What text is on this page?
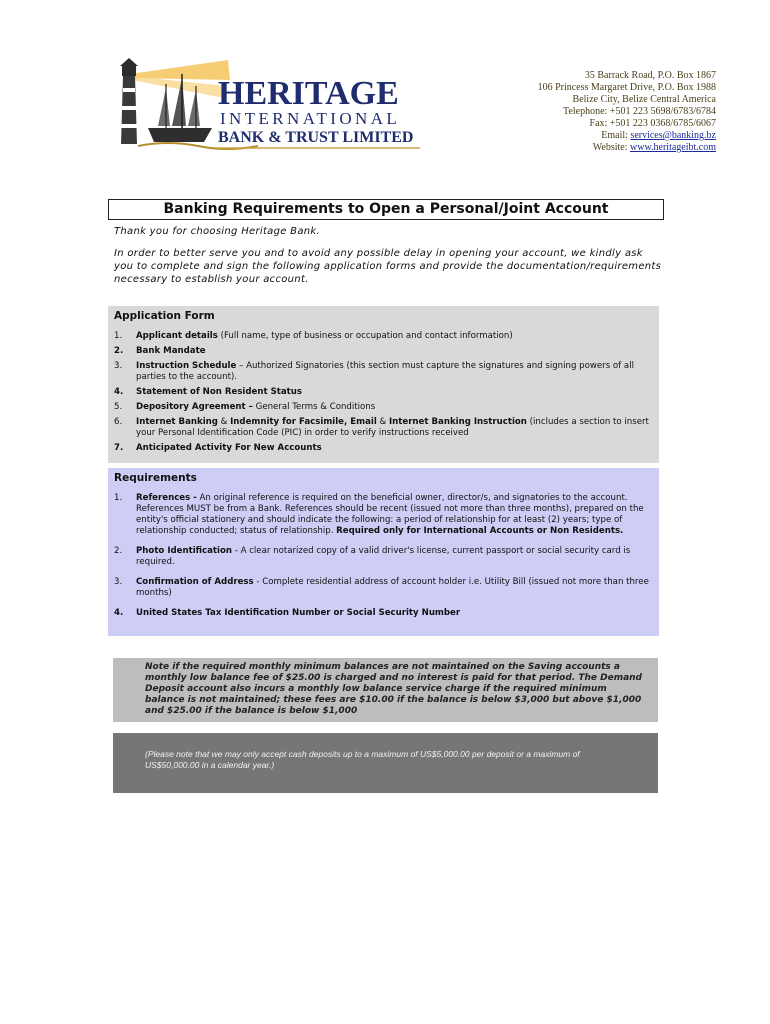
HERITAGE
INTERNATIONAL
BANK & TRUST LIMITED
35 Barrack Road, P.O. Box 1867
106 Princess Margaret Drive, P.O. Box 1988
Belize City, Belize Central America
Telephone: +501 223 5698/6783/6784
Fax: +501 223 0368/6785/6067
Email: services@banking.bz
Website: www.heritageibt.com
Banking Requirements to Open a Personal/Joint Account

Thank you for choosing Heritage Bank.

In order to better serve you and to avoid any possible delay in opening your account, we kindly ask you to complete and sign the following application forms and provide the documentation/requirements necessary to establish your account.

Application Form
1.	Applicant details (Full name, type of business or occupation and contact information)
2.	Bank Mandate
3.	Instruction Schedule – Authorized Signatories (this section must capture the signatures and signing powers of all parties to the account).
4.	Statement of Non Resident Status
5.	Depository Agreement – General Terms & Conditions
6.	Internet Banking & Indemnity for Facsimile, Email & Internet Banking Instruction (includes a section to insert your Personal Identification Code (PIC) in order to verify instructions received
7.	Anticipated Activity For New Accounts
Requirements
1.	References - An original reference is required on the beneficial owner, director/s, and signatories to the account. References MUST be from a Bank. References should be recent (issued not more than three months), prepared on the entity's official stationery and should indicate the following: a period of relationship for at least (2) years; type of relationship conducted; status of relationship. Required only for International Accounts or Non Residents.
2.	Photo Identification - A clear notarized copy of a valid driver's license, current passport or social security card is required.
3.	Confirmation of Address - Complete residential address of account holder i.e. Utility Bill (issued not more than three months)
4.	United States Tax Identification Number or Social Security Number
Note if the required monthly minimum balances are not maintained on the Saving accounts a monthly low balance fee of $25.00 is charged and no interest is paid for that period. The Demand Deposit account also incurs a monthly low balance service charge if the required minimum balance is not maintained; these fees are $10.00 if the balance is below $3,000 but above $1,000 and $25.00 if the balance is below $1,000
(Please note that we may only accept cash deposits up to a maximum of US$5,000.00 per deposit or a maximum of US$50,000.00 in a calendar year.)
